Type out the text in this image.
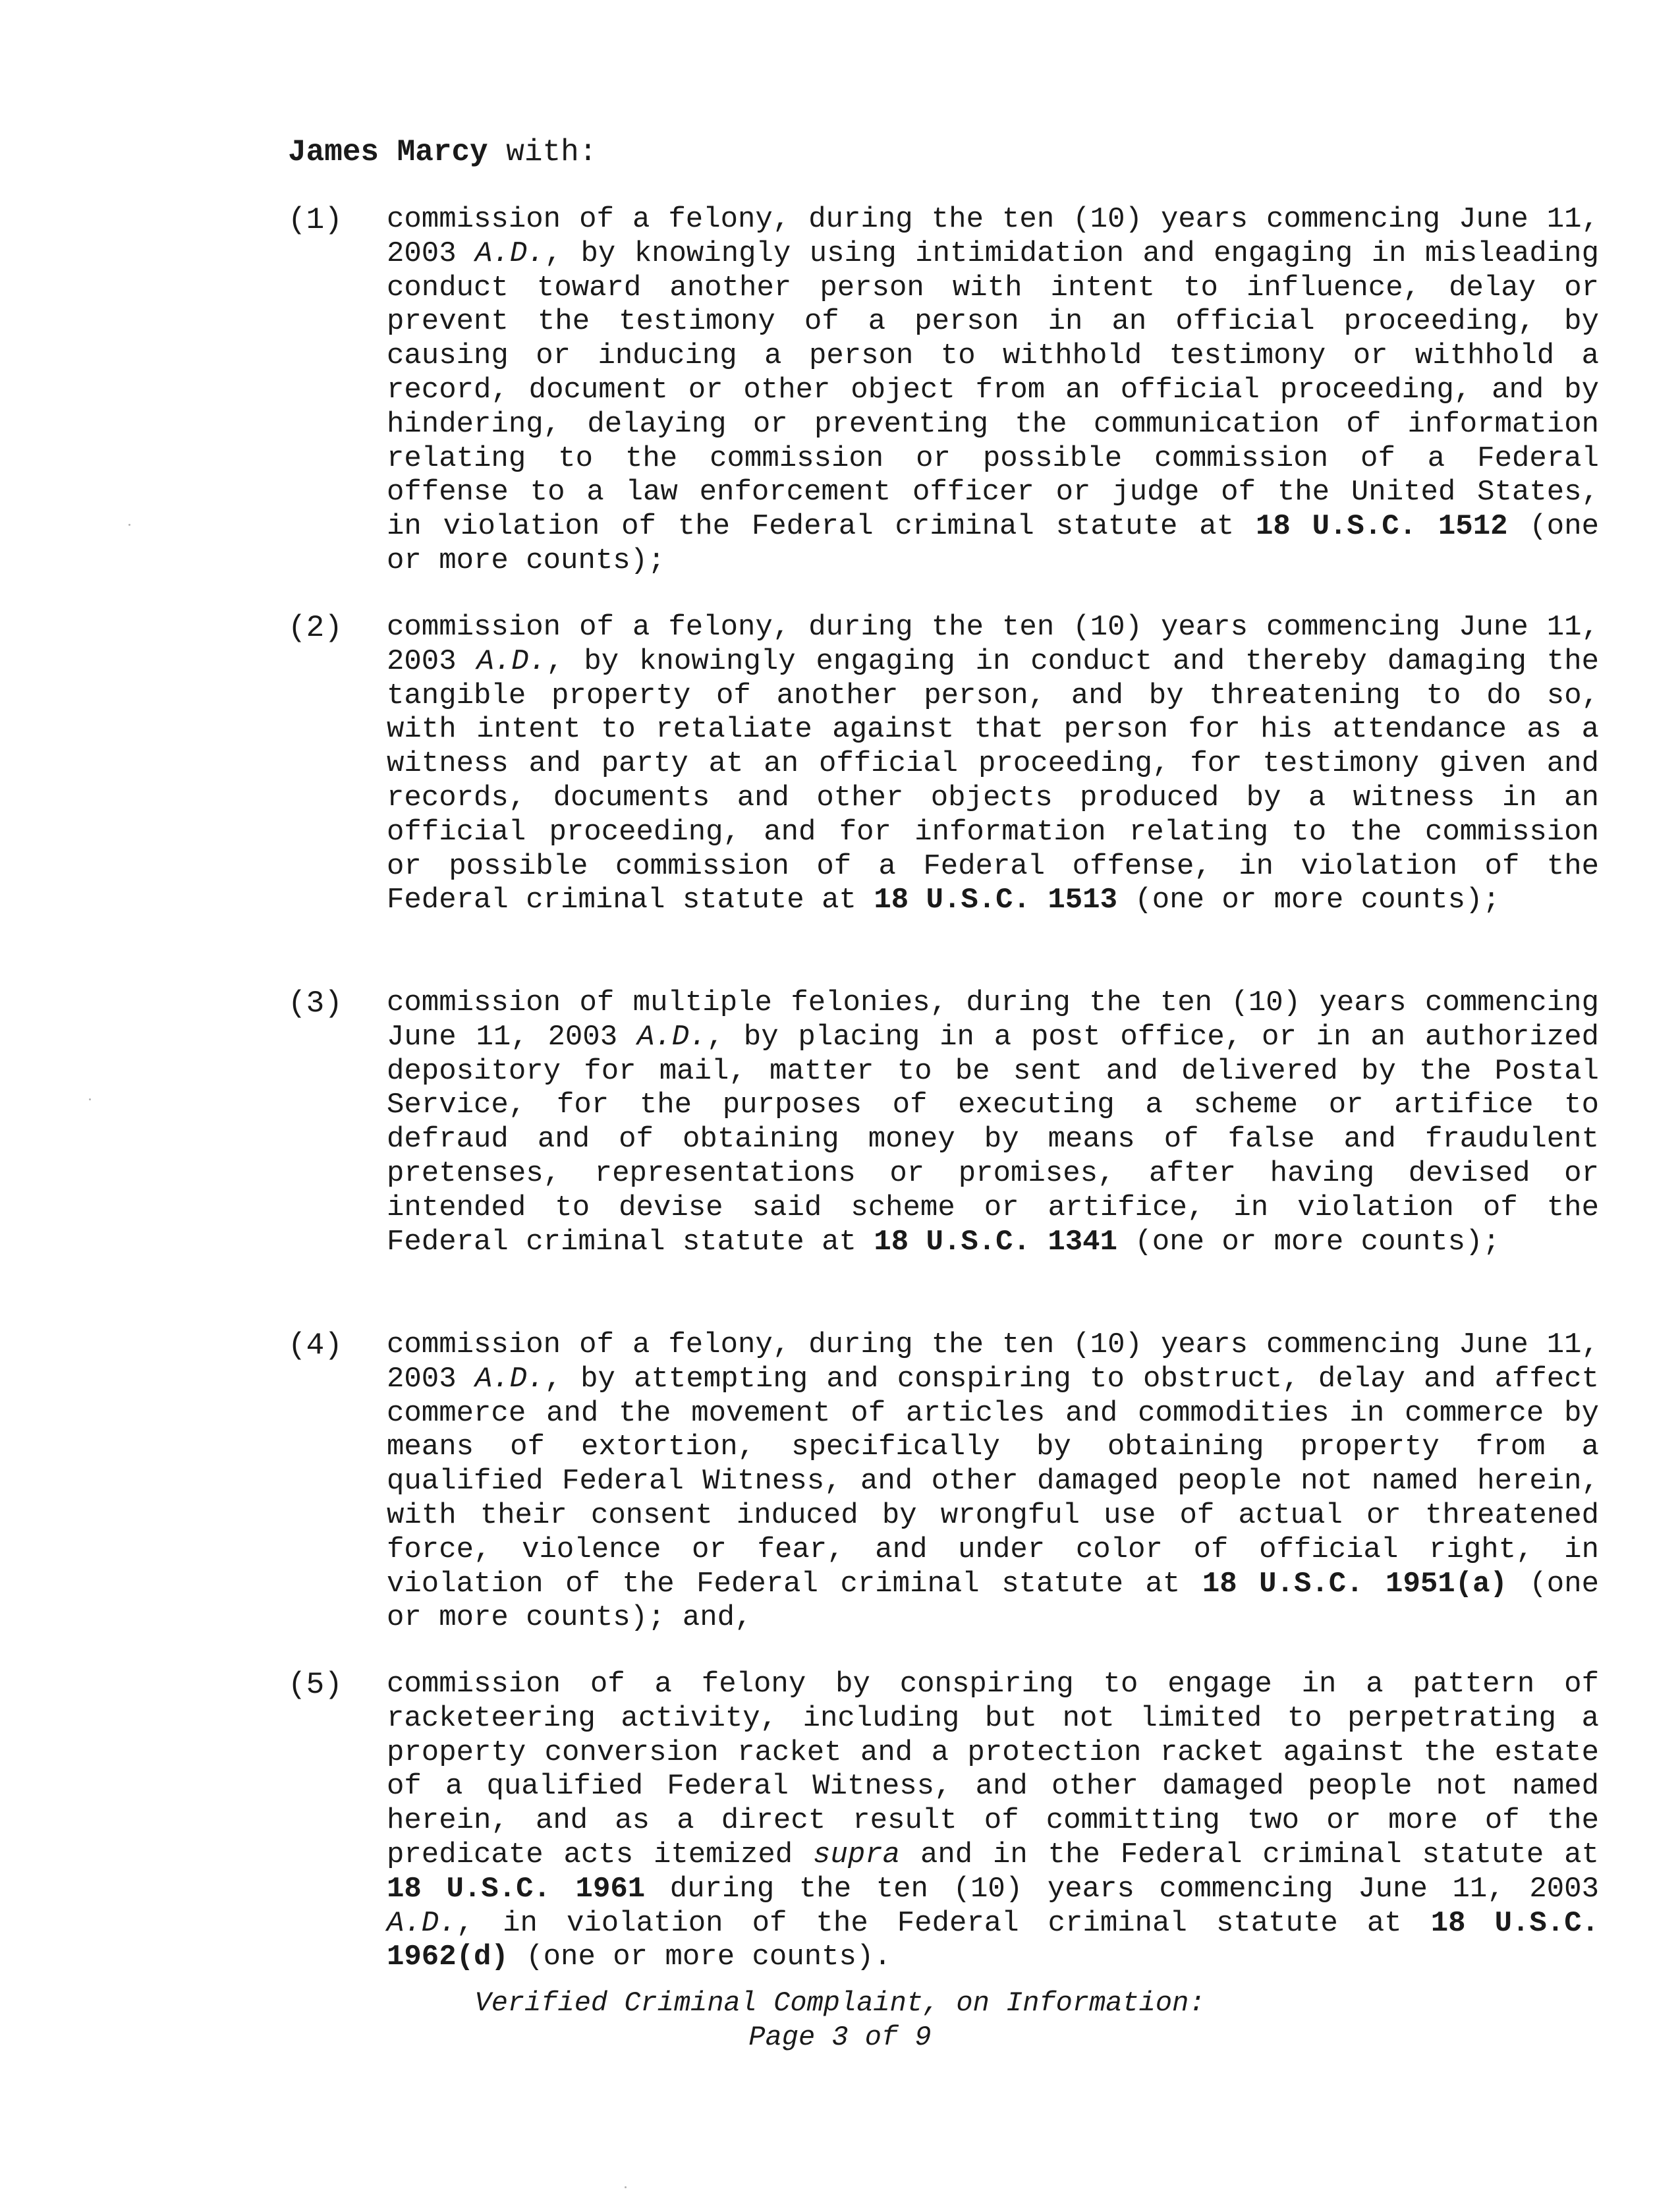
James Marcy with:
(1) commission of a felony, during the ten (10) years commencing June 11, 2003 A.D., by knowingly using intimidation and engaging in misleading conduct toward another person with intent to influence, delay or prevent the testimony of a person in an official proceeding, by causing or inducing a person to withhold testimony or withhold a record, document or other object from an official proceeding, and by hindering, delaying or preventing the communication of information relating to the commission or possible commission of a Federal offense to a law enforcement officer or judge of the United States, in violation of the Federal criminal statute at 18 U.S.C. 1512 (one or more counts);
(2) commission of a felony, during the ten (10) years commencing June 11, 2003 A.D., by knowingly engaging in conduct and thereby damaging the tangible property of another person, and by threatening to do so, with intent to retaliate against that person for his attendance as a witness and party at an official proceeding, for testimony given and records, documents and other objects produced by a witness in an official proceeding, and for information relating to the commission or possible commission of a Federal offense, in violation of the Federal criminal statute at 18 U.S.C. 1513 (one or more counts);
(3) commission of multiple felonies, during the ten (10) years commencing June 11, 2003 A.D., by placing in a post office, or in an authorized depository for mail, matter to be sent and delivered by the Postal Service, for the purposes of executing a scheme or artifice to defraud and of obtaining money by means of false and fraudulent pretenses, representations or promises, after having devised or intended to devise said scheme or artifice, in violation of the Federal criminal statute at 18 U.S.C. 1341 (one or more counts);
(4) commission of a felony, during the ten (10) years commencing June 11, 2003 A.D., by attempting and conspiring to obstruct, delay and affect commerce and the movement of articles and commodities in commerce by means of extortion, specifically by obtaining property from a qualified Federal Witness, and other damaged people not named herein, with their consent induced by wrongful use of actual or threatened force, violence or fear, and under color of official right, in violation of the Federal criminal statute at 18 U.S.C. 1951(a) (one or more counts); and,
(5) commission of a felony by conspiring to engage in a pattern of racketeering activity, including but not limited to perpetrating a property conversion racket and a protection racket against the estate of a qualified Federal Witness, and other damaged people not named herein, and as a direct result of committing two or more of the predicate acts itemized supra and in the Federal criminal statute at 18 U.S.C. 1961 during the ten (10) years commencing June 11, 2003 A.D., in violation of the Federal criminal statute at 18 U.S.C. 1962(d) (one or more counts).
Verified Criminal Complaint, on Information:
Page 3 of 9
